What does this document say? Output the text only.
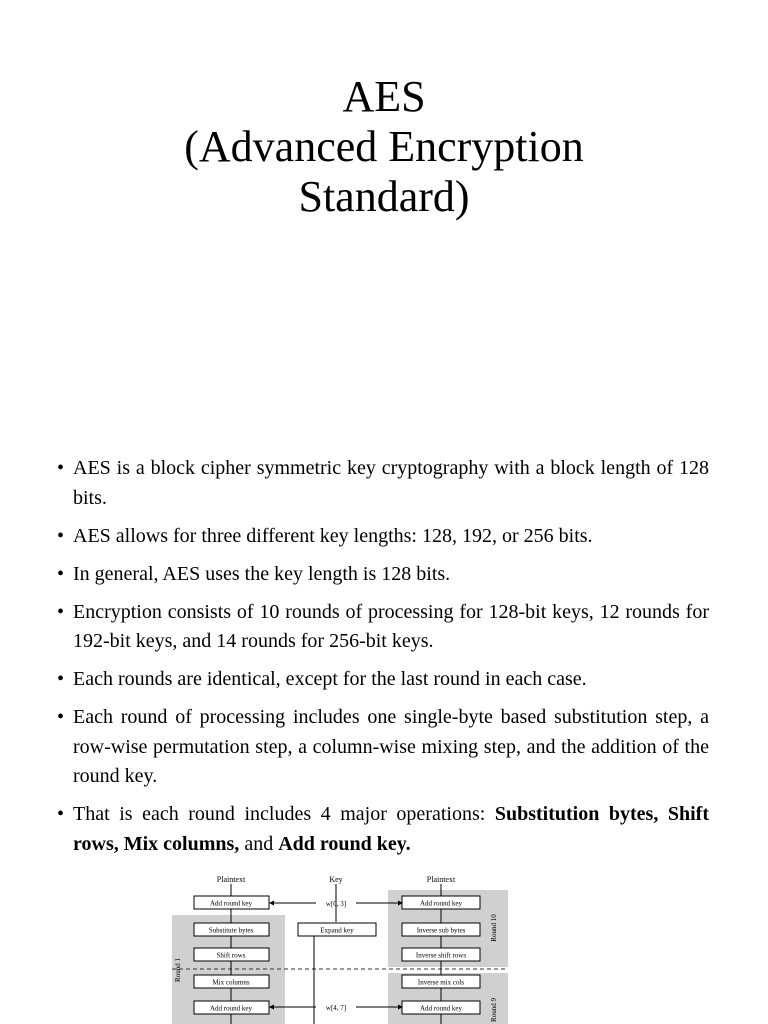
AES
(Advanced Encryption
Standard)
• AES is a block cipher symmetric key cryptography with a block length of 128 bits.
• AES allows for three different key lengths: 128, 192, or 256 bits.
• In general, AES uses the key length is 128 bits.
• Encryption consists of 10 rounds of processing for 128-bit keys, 12 rounds for 192-bit keys, and 14 rounds for 256-bit keys.
• Each rounds are identical, except for the last round in each case.
• Each round of processing includes one single-byte based substitution step, a row-wise permutation step, a column-wise mixing step, and the addition of the round key.
• That is each round includes 4 major operations: Substitution bytes, Shift rows, Mix columns, and Add round key.
Plaintext	Key	Plaintext
Add round key
Substitute bytes
Shift rows
Mix columns
Add round key
w[0, 3]
Expand key
w[4, 7]
Add round key
Inverse sub bytes
Inverse shift rows
Inverse mix cols
Add round key
Round 1
Round 10
Round 9
